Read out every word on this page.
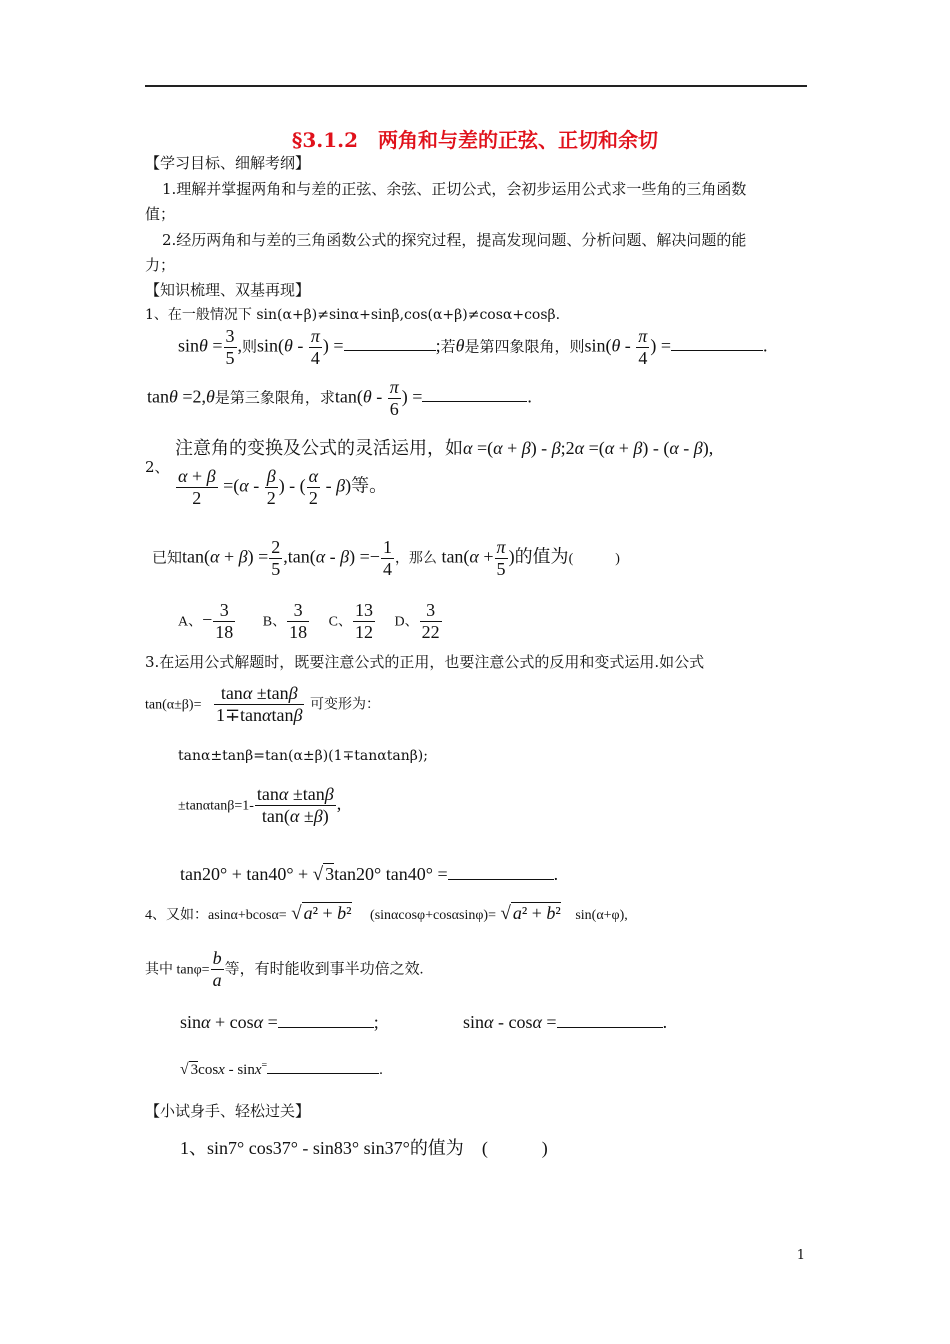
§3.1.2　两角和与差的正弦、正切和余切
【学习目标、细解考纲】
1.理解并掌握两角和与差的正弦、余弦、正切公式，会初步运用公式求一些角的三角函数
值；
2.经历两角和与差的三角函数公式的探究过程，提高发现问题、分析问题、解决问题的能
力；
【知识梳理、双基再现】
1、在一般情况下 sin(α+β)≠sinα+sinβ,cos(α+β)≠cosα+cosβ.
$\sin\theta = \frac{3}{5}$ ,则$\sin(\theta - \frac{\pi}{4}$ ) =	;若θ是第四象限角，则$\sin(\theta - \frac{\pi}{4}$ ) =	.
tanθ =2,θ是第三象限角，求$\tan(\theta - \frac{\pi}{6}$ ) =	.
2、
注意角的变换及公式的灵活运用，如α =(α + β) - β;2α =(α + β) - (α - β),
$\frac{\alpha + \beta}{2} =(\alpha - \frac{\beta}{2}$ ) - ( $\frac{\alpha}{2} - \beta$)等。
已知$\tan(\alpha + \beta) = \frac{2}{5} ,\tan(\alpha - \beta) =- \frac{1}{4}$ ，那么 $\tan(\alpha + \frac{\pi}{5}$ )的值为(　　　)
A、− $\frac{3}{18}$ B、 $\frac{3}{18}$ C、 $\frac{13}{12}$ D、 $\frac{3}{22}$
3.在运用公式解题时，既要注意公式的正用，也要注意公式的反用和变式运用.如公式
$\tan(\alpha\pm\beta)= \frac{\tan\alpha \pm\tan\beta}{1\mp\tan\alpha\tan\beta}$ 可变形为：
tanα±tanβ=tan(α±β)(1∓tanαtanβ);
$\pm\tan\alpha\tan\beta=1- \frac{\tan\alpha \pm\tan\beta}{\tan(\alpha \pm\beta)}$ ,
tan20° + tan40° + √ 3tan20° tan40° =	.
4、又如：asinα+bcosα= √ a² + b² (sinαcosφ+cosαsinφ)= √ a² + b² sin(α+φ),
其中 $\tan\varphi= \frac{b}{a}$ 等，有时能收到事半功倍之效.
sinα + cosα =	;	sinα - cosα =	.
√ 3cosx - sinx=	.
【小试身手、轻松过关】
1、sin7° cos37° - sin83° sin37°的值为　 (　　　)
1
